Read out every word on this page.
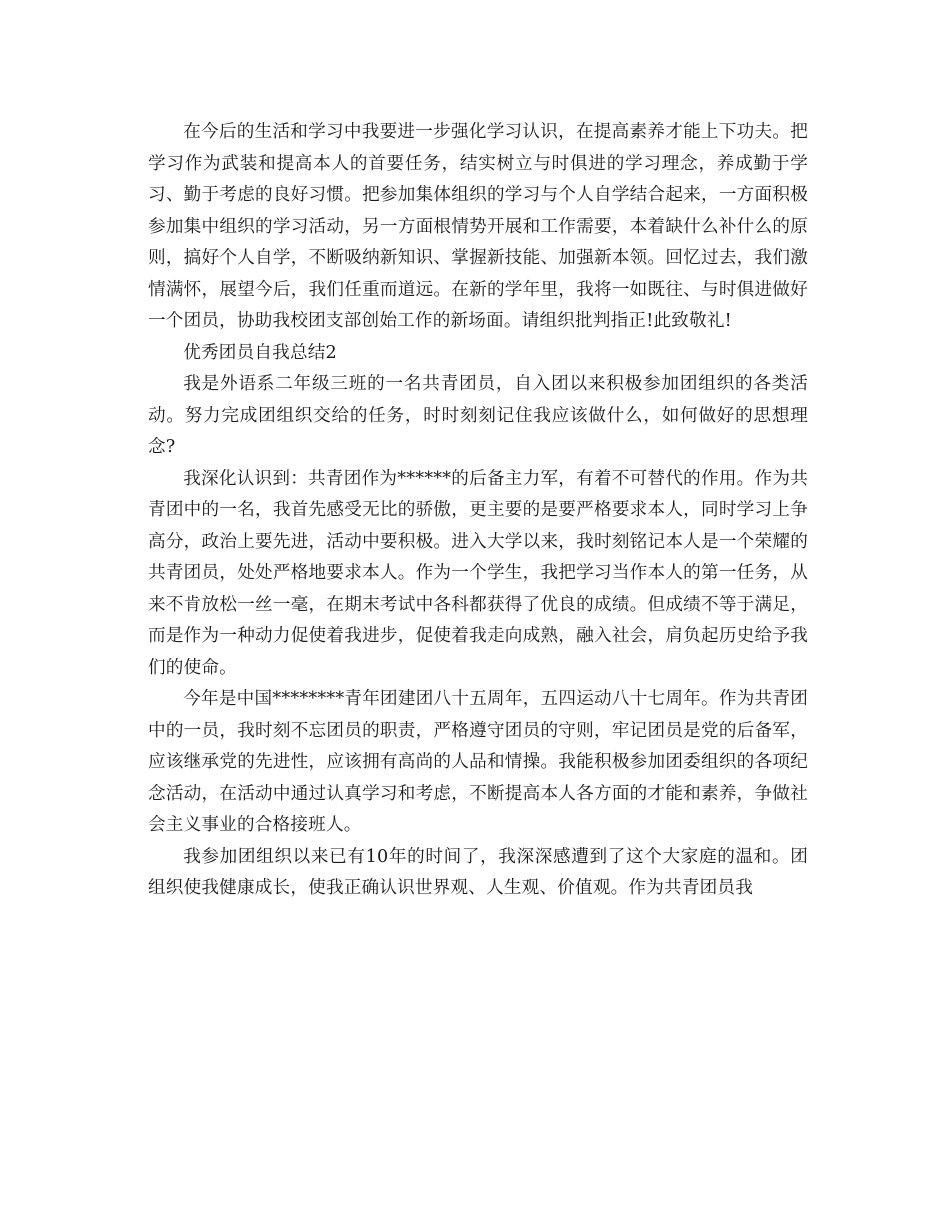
在今后的生活和学习中我要进一步强化学习认识，在提高素养才能上下功夫。把学习作为武装和提高本人的首要任务，结实树立与时俱进的学习理念，养成勤于学习、勤于考虑的良好习惯。把参加集体组织的学习与个人自学结合起来，一方面积极参加集中组织的学习活动，另一方面根情势开展和工作需要，本着缺什么补什么的原则，搞好个人自学，不断吸纳新知识、掌握新技能、加强新本领。回忆过去，我们激情满怀，展望今后，我们任重而道远。在新的学年里，我将一如既往、与时俱进做好一个团员，协助我校团支部创始工作的新场面。请组织批判指正!此致敬礼!

优秀团员自我总结2

我是外语系二年级三班的一名共青团员，自入团以来积极参加团组织的各类活动。努力完成团组织交给的任务，时时刻刻记住我应该做什么，如何做好的思想理念?

我深化认识到：共青团作为******的后备主力军，有着不可替代的作用。作为共青团中的一名，我首先感受无比的骄傲，更主要的是要严格要求本人，同时学习上争高分，政治上要先进，活动中要积极。进入大学以来，我时刻铭记本人是一个荣耀的共青团员，处处严格地要求本人。作为一个学生，我把学习当作本人的第一任务，从来不肯放松一丝一毫，在期末考试中各科都获得了优良的成绩。但成绩不等于满足，而是作为一种动力促使着我进步，促使着我走向成熟，融入社会，肩负起历史给予我们的使命。

今年是中国********青年团建团八十五周年，五四运动八十七周年。作为共青团中的一员，我时刻不忘团员的职责，严格遵守团员的守则，牢记团员是党的后备军，应该继承党的先进性，应该拥有高尚的人品和情操。我能积极参加团委组织的各项纪念活动，在活动中通过认真学习和考虑，不断提高本人各方面的才能和素养，争做社会主义事业的合格接班人。

我参加团组织以来已有10年的时间了，我深深感遭到了这个大家庭的温和。团组织使我健康成长，使我正确认识世界观、人生观、价值观。作为共青团员我
